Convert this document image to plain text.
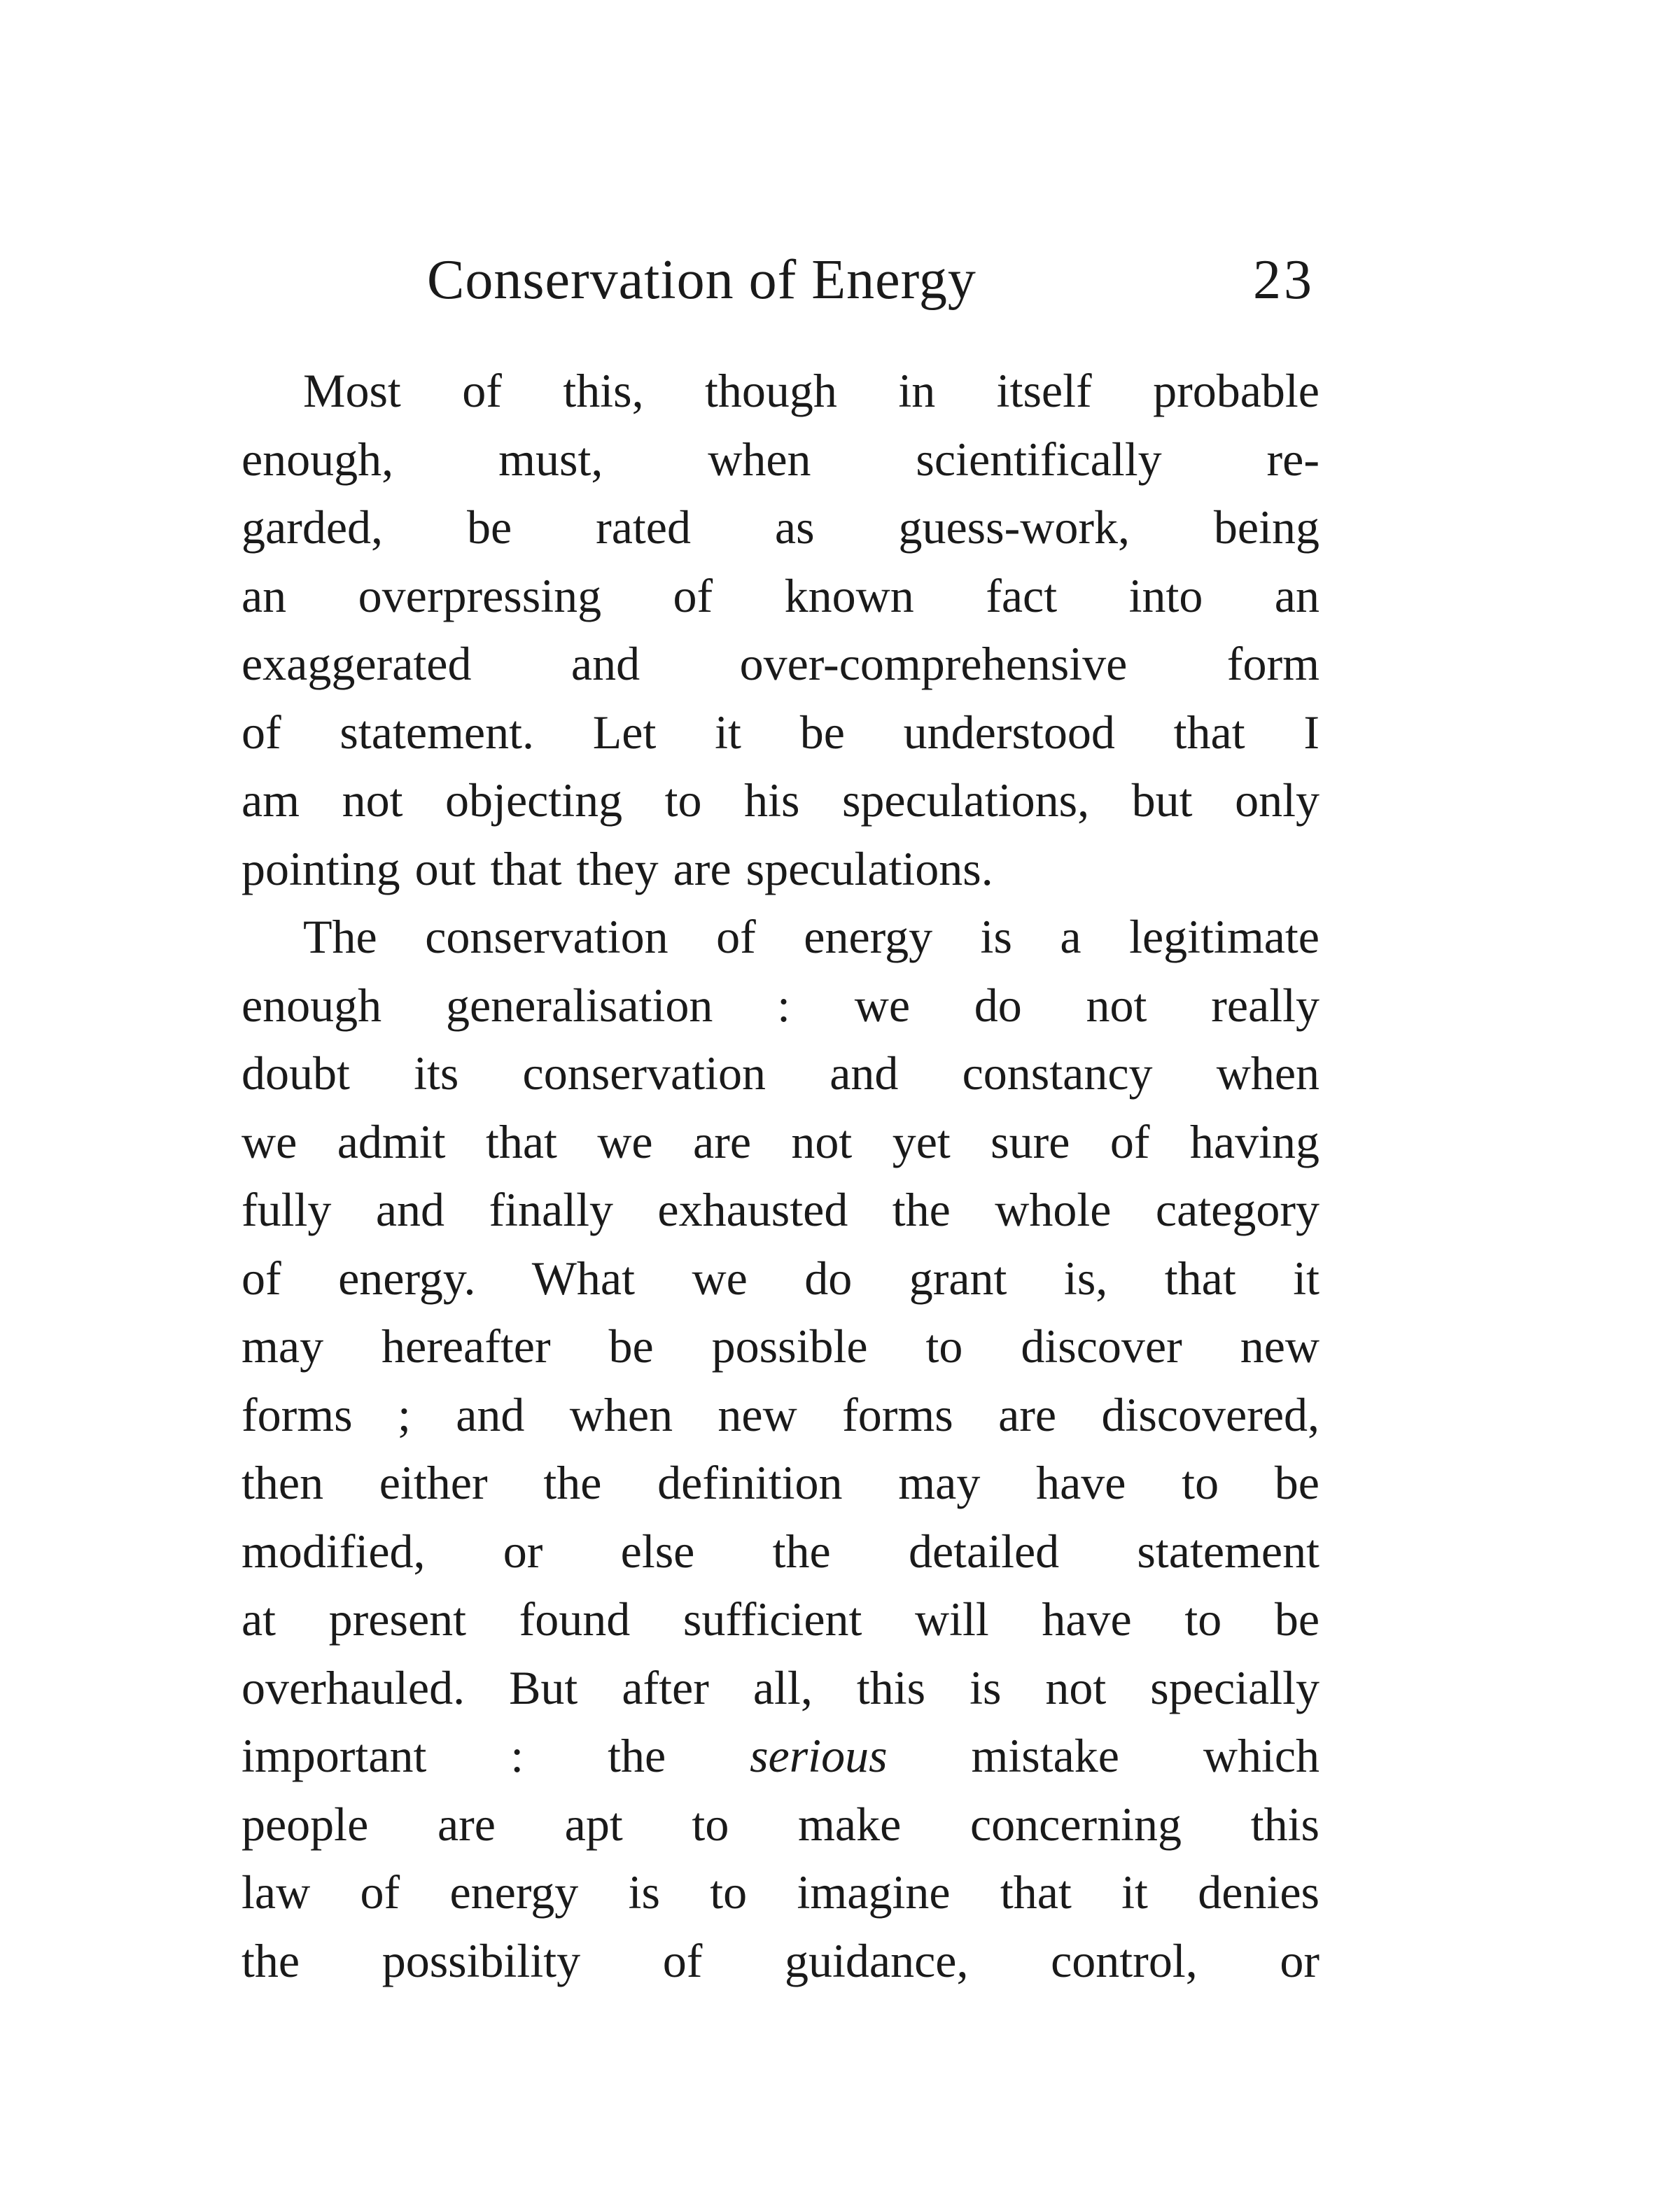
Conservation of Energy	23
Most of this, though in itself probable
enough, must, when scientifically re-
garded, be rated as guess-work, being
an overpressing of known fact into an
exaggerated and over-comprehensive form
of statement. Let it be understood that I
am not objecting to his speculations, but only
pointing out that they are speculations.
The conservation of energy is a legitimate
enough generalisation : we do not really
doubt its conservation and constancy when
we admit that we are not yet sure of having
fully and finally exhausted the whole category
of energy. What we do grant is, that it
may hereafter be possible to discover new
forms ; and when new forms are discovered,
then either the definition may have to be
modified, or else the detailed statement
at present found sufficient will have to be
overhauled. But after all, this is not specially
important : the serious mistake which
people are apt to make concerning this
law of energy is to imagine that it denies
the possibility of guidance, control, or
